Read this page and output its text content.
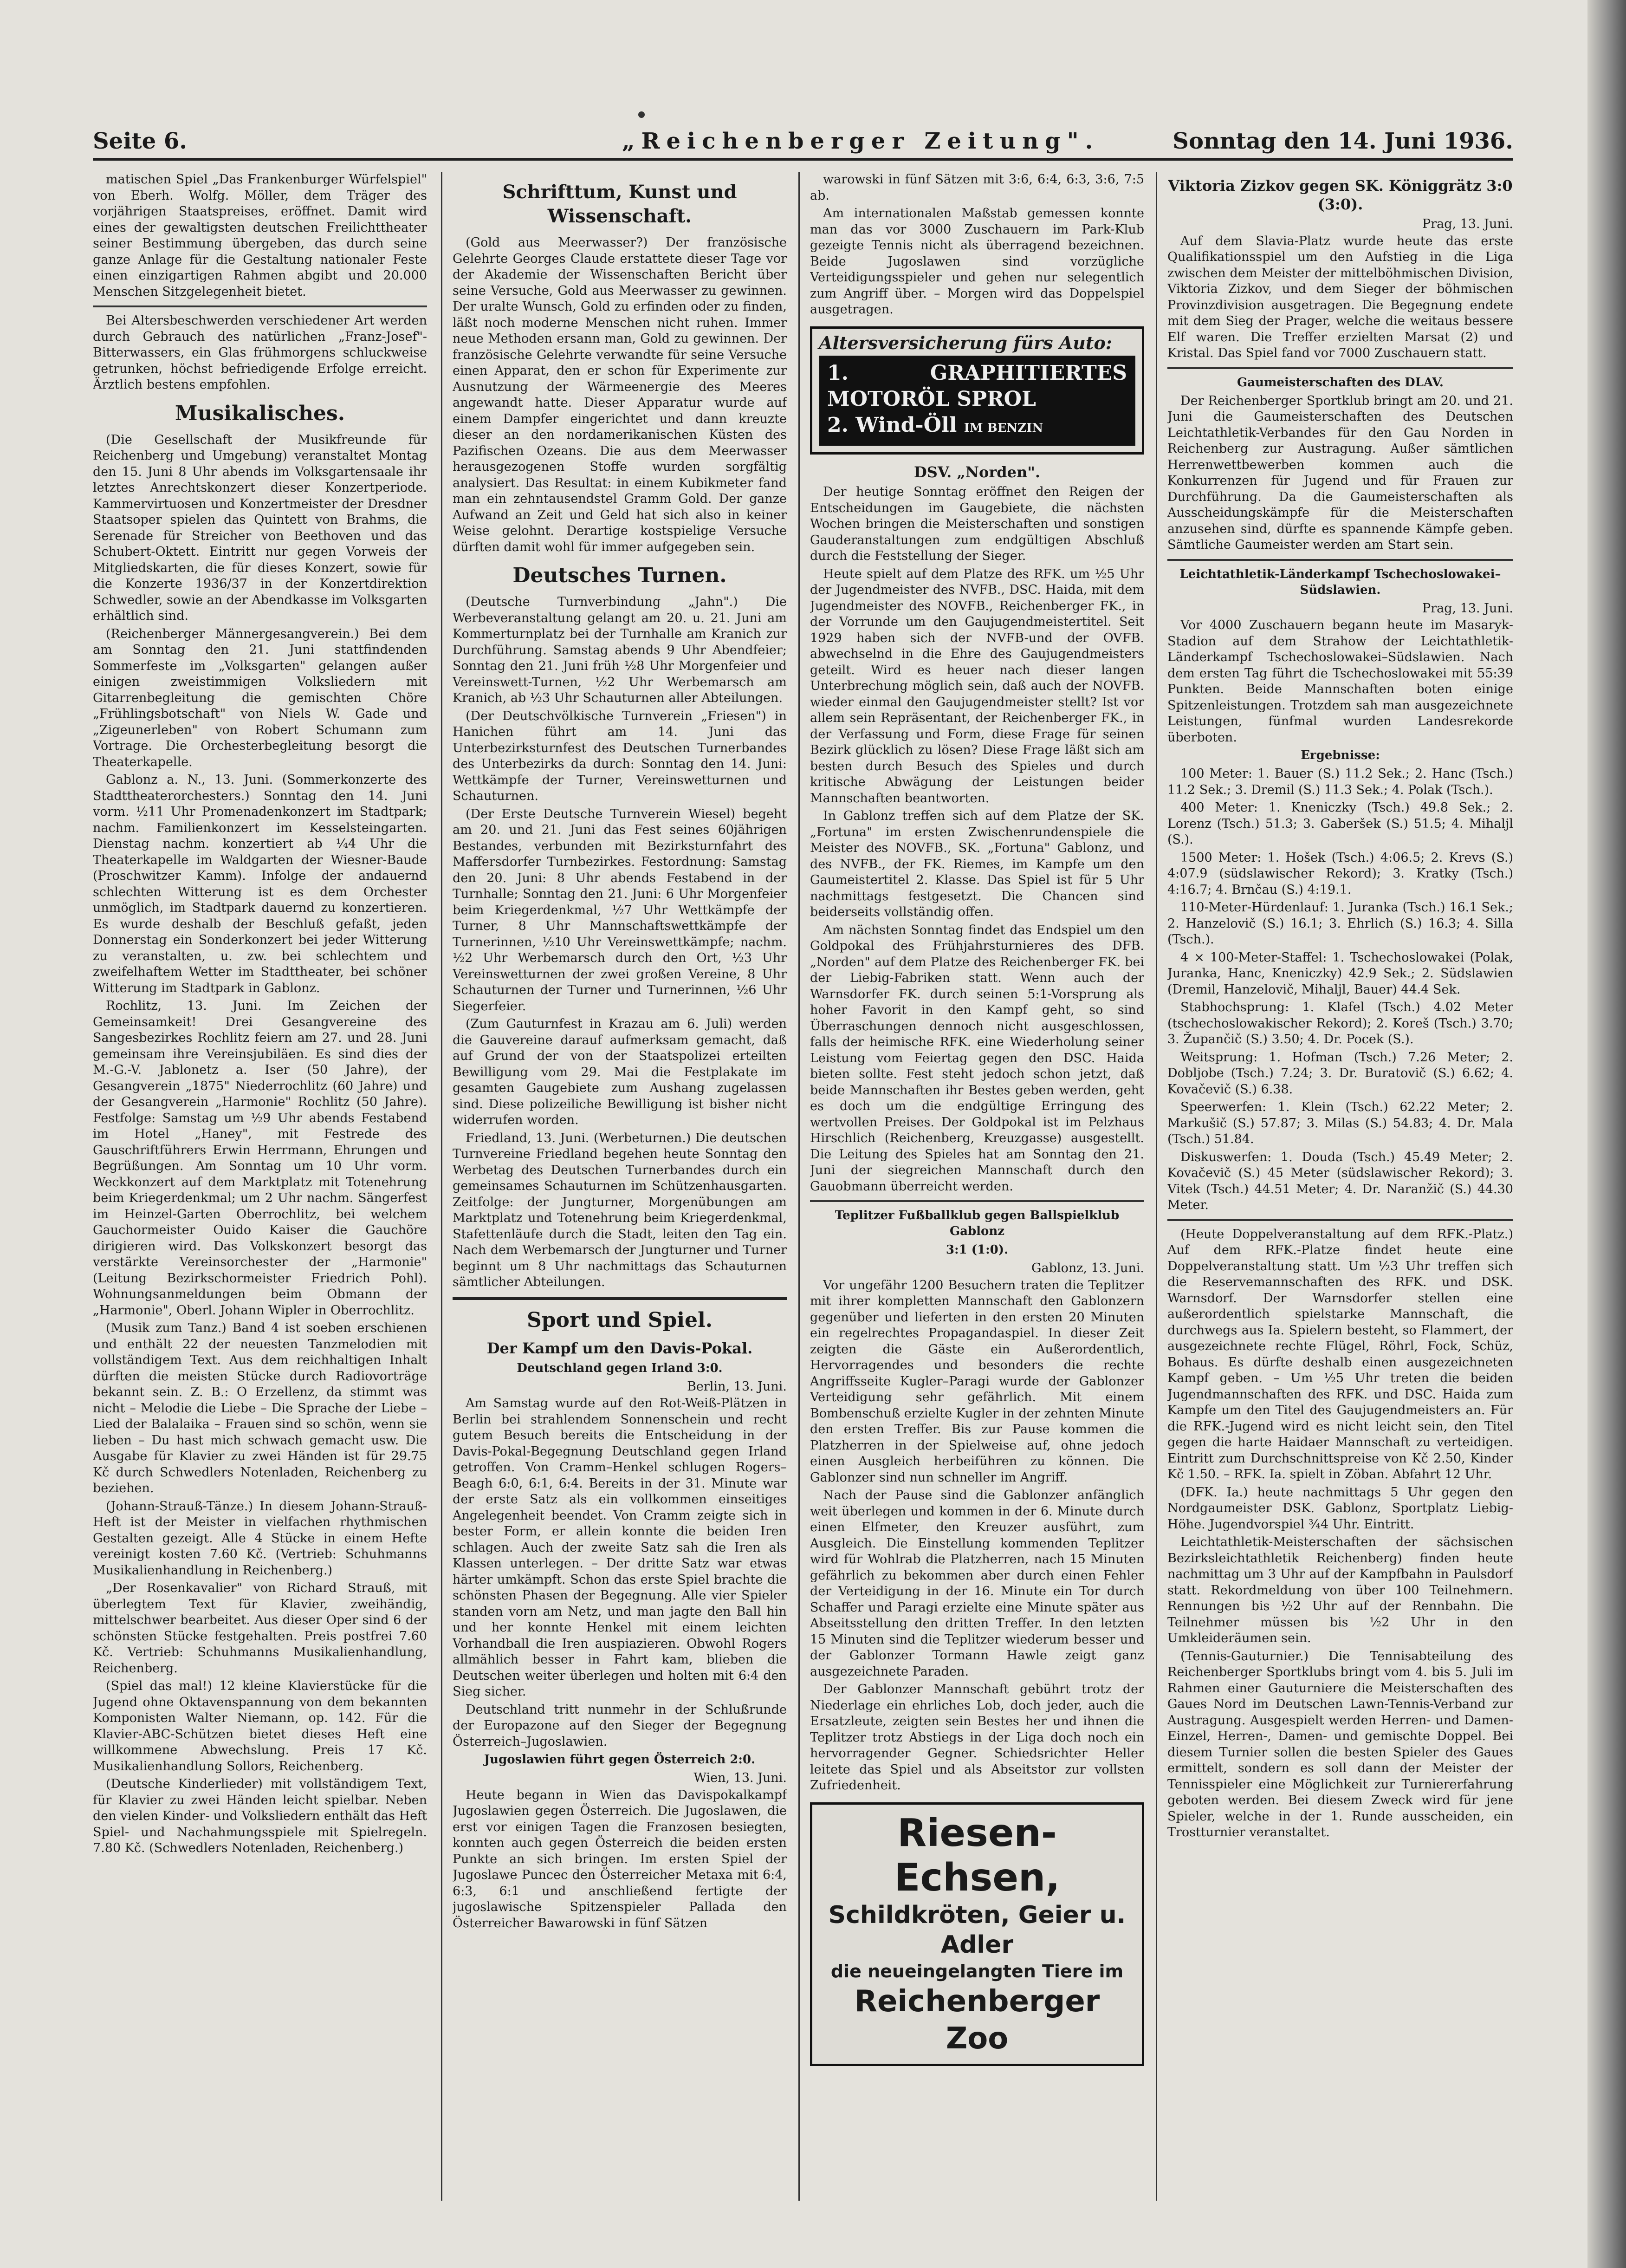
Seite 6.	„Reichenberger Zeitung".	Sonntag den 14. Juni 1936.

matischen Spiel „Das Frankenburger Würfelspiel" von Eberh. Wolfg. Möller, dem Träger des vorjährigen Staatspreises, eröffnet. Damit wird eines der gewaltigsten deutschen Freilichttheater seiner Bestimmung übergeben, das durch seine ganze Anlage für die Gestaltung nationaler Feste einen einzigartigen Rahmen abgibt und 20.000 Menschen Sitzgelegenheit bietet.

Bei Altersbeschwerden verschiedener Art werden durch Gebrauch des natürlichen „Franz-Josef"-Bitterwassers, ein Glas frühmorgens schluckweise getrunken, höchst befriedigende Erfolge erreicht. Ärztlich bestens empfohlen.

Musikalisches.

(Die Gesellschaft der Musikfreunde für Reichenberg und Umgebung) veranstaltet Montag den 15. Juni 8 Uhr abends im Volksgartensaale ihr letztes Anrechtskonzert dieser Konzertperiode. Kammervirtuosen und Konzertmeister der Dresdner Staatsoper spielen das Quintett von Brahms, die Serenade für Streicher von Beethoven und das Schubert-Oktett. Eintritt nur gegen Vorweis der Mitgliedskarten, die für dieses Konzert, sowie für die Konzerte 1936/37 in der Konzertdirektion Schwedler, sowie an der Abendkasse im Volksgarten erhältlich sind.

(Reichenberger Männergesangverein.) Bei dem am Sonntag den 21. Juni stattfindenden Sommerfeste im „Volksgarten" gelangen außer einigen zweistimmigen Volksliedern mit Gitarrenbegleitung die gemischten Chöre „Frühlingsbotschaft" von Niels W. Gade und „Zigeunerleben" von Robert Schumann zum Vortrage. Die Orchesterbegleitung besorgt die Theaterkapelle.

Gablonz a. N., 13. Juni. (Sommerkonzerte des Stadttheaterorchesters.) Sonntag den 14. Juni vorm. ½11 Uhr Promenadenkonzert im Stadtpark; nachm. Familienkonzert im Kesselsteingarten. Dienstag nachm. konzertiert ab ¼4 Uhr die Theaterkapelle im Waldgarten der Wiesner-Baude (Proschwitzer Kamm). Infolge der andauernd schlechten Witterung ist es dem Orchester unmöglich, im Stadtpark dauernd zu konzertieren. Es wurde deshalb der Beschluß gefaßt, jeden Donnerstag ein Sonderkonzert bei jeder Witterung zu veranstalten, u. zw. bei schlechtem und zweifelhaftem Wetter im Stadttheater, bei schöner Witterung im Stadtpark in Gablonz.

Rochlitz, 13. Juni. Im Zeichen der Gemeinsamkeit! Drei Gesangvereine des Sangesbezirkes Rochlitz feiern am 27. und 28. Juni gemeinsam ihre Vereinsjubiläen. Es sind dies der M.-G.-V. Jablonetz a. Iser (50 Jahre), der Gesangverein „1875" Niederrochlitz (60 Jahre) und der Gesangverein „Harmonie" Rochlitz (50 Jahre). Festfolge: Samstag um ½9 Uhr abends Festabend im Hotel „Haney", mit Festrede des Gauschriftführers Erwin Herrmann, Ehrungen und Begrüßungen. Am Sonntag um 10 Uhr vorm. Weckkonzert auf dem Marktplatz mit Totenehrung beim Kriegerdenkmal; um 2 Uhr nachm. Sängerfest im Heinzel-Garten Oberrochlitz, bei welchem Gauchormeister Ouido Kaiser die Gauchöre dirigieren wird. Das Volkskonzert besorgt das verstärkte Vereinsorchester der „Harmonie" (Leitung Bezirkschormeister Friedrich Pohl). Wohnungsanmeldungen beim Obmann der „Harmonie", Oberl. Johann Wipler in Oberrochlitz.

(Musik zum Tanz.) Band 4 ist soeben erschienen und enthält 22 der neuesten Tanzmelodien mit vollständigem Text. Aus dem reichhaltigen Inhalt dürften die meisten Stücke durch Radiovorträge bekannt sein. Z. B.: O Erzellenz, da stimmt was nicht – Melodie die Liebe – Die Sprache der Liebe – Lied der Balalaika – Frauen sind so schön, wenn sie lieben – Du hast mich schwach gemacht usw. Die Ausgabe für Klavier zu zwei Händen ist für 29.75 Kč durch Schwedlers Notenladen, Reichenberg zu beziehen.

(Johann-Strauß-Tänze.) In diesem Johann-Strauß-Heft ist der Meister in vielfachen rhythmischen Gestalten gezeigt. Alle 4 Stücke in einem Hefte vereinigt kosten 7.60 Kč. (Vertrieb: Schuhmanns Musikalienhandlung in Reichenberg.)

„Der Rosenkavalier" von Richard Strauß, mit überlegtem Text für Klavier, zweihändig, mittelschwer bearbeitet. Aus dieser Oper sind 6 der schönsten Stücke festgehalten. Preis postfrei 7.60 Kč. Vertrieb: Schuhmanns Musikalienhandlung, Reichenberg.

(Spiel das mal!) 12 kleine Klavierstücke für die Jugend ohne Oktavenspannung von dem bekannten Komponisten Walter Niemann, op. 142. Für die Klavier-ABC-Schützen bietet dieses Heft eine willkommene Abwechslung. Preis 17 Kč. Musikalienhandlung Sollors, Reichenberg.

(Deutsche Kinderlieder) mit vollständigem Text, für Klavier zu zwei Händen leicht spielbar. Neben den vielen Kinder- und Volksliedern enthält das Heft Spiel- und Nachahmungsspiele mit Spielregeln. 7.80 Kč. (Schwedlers Notenladen, Reichenberg.)

Schrifttum, Kunst und Wissenschaft.

(Gold aus Meerwasser?) Der französische Gelehrte Georges Claude erstattete dieser Tage vor der Akademie der Wissenschaften Bericht über seine Versuche, Gold aus Meerwasser zu gewinnen. Der uralte Wunsch, Gold zu erfinden oder zu finden, läßt noch moderne Menschen nicht ruhen. Immer neue Methoden ersann man, Gold zu gewinnen. Der französische Gelehrte verwandte für seine Versuche einen Apparat, den er schon für Experimente zur Ausnutzung der Wärmeenergie des Meeres angewandt hatte. Dieser Apparatur wurde auf einem Dampfer eingerichtet und dann kreuzte dieser an den nordamerikanischen Küsten des Pazifischen Ozeans. Die aus dem Meerwasser herausgezogenen Stoffe wurden sorgfältig analysiert. Das Resultat: in einem Kubikmeter fand man ein zehntausendstel Gramm Gold. Der ganze Aufwand an Zeit und Geld hat sich also in keiner Weise gelohnt. Derartige kostspielige Versuche dürften damit wohl für immer aufgegeben sein.

Deutsches Turnen.

(Deutsche Turnverbindung „Jahn".) Die Werbeveranstaltung gelangt am 20. u. 21. Juni am Kommerturnplatz bei der Turnhalle am Kranich zur Durchführung. Samstag abends 9 Uhr Abendfeier; Sonntag den 21. Juni früh ½8 Uhr Morgenfeier und Vereinswett-Turnen, ½2 Uhr Werbemarsch am Kranich, ab ½3 Uhr Schauturnen aller Abteilungen.

(Der Deutschvölkische Turnverein „Friesen") in Hanichen führt am 14. Juni das Unterbezirksturnfest des Deutschen Turnerbandes des Unterbezirks da durch: Sonntag den 14. Juni: Wettkämpfe der Turner, Vereinswetturnen und Schauturnen.

(Der Erste Deutsche Turnverein Wiesel) begeht am 20. und 21. Juni das Fest seines 60jährigen Bestandes, verbunden mit Bezirksturnfahrt des Maffersdorfer Turnbezirkes. Festordnung: Samstag den 20. Juni: 8 Uhr abends Festabend in der Turnhalle; Sonntag den 21. Juni: 6 Uhr Morgenfeier beim Kriegerdenkmal, ½7 Uhr Wettkämpfe der Turner, 8 Uhr Mannschaftswettkämpfe der Turnerinnen, ½10 Uhr Vereinswettkämpfe; nachm. ½2 Uhr Werbemarsch durch den Ort, ½3 Uhr Vereinswetturnen der zwei großen Vereine, 8 Uhr Schauturnen der Turner und Turnerinnen, ½6 Uhr Siegerfeier.

(Zum Gauturnfest in Krazau am 6. Juli) werden die Gauvereine darauf aufmerksam gemacht, daß auf Grund der von der Staatspolizei erteilten Bewilligung vom 29. Mai die Festplakate im gesamten Gaugebiete zum Aushang zugelassen sind. Diese polizeiliche Bewilligung ist bisher nicht widerrufen worden.

Friedland, 13. Juni. (Werbeturnen.) Die deutschen Turnvereine Friedland begehen heute Sonntag den Werbetag des Deutschen Turnerbandes durch ein gemeinsames Schauturnen im Schützenhausgarten. Zeitfolge: der Jungturner, Morgenübungen am Marktplatz und Totenehrung beim Kriegerdenkmal, Stafettenläufe durch die Stadt, leiten den Tag ein. Nach dem Werbemarsch der Jungturner und Turner beginnt um 8 Uhr nachmittags das Schauturnen sämtlicher Abteilungen.

Sport und Spiel.
Der Kampf um den Davis-Pokal.
Deutschland gegen Irland 3:0.
Berlin, 13. Juni.

Am Samstag wurde auf den Rot-Weiß-Plätzen in Berlin bei strahlendem Sonnenschein und recht gutem Besuch bereits die Entscheidung in der Davis-Pokal-Begegnung Deutschland gegen Irland getroffen. Von Cramm–Henkel schlugen Rogers–Beagh 6:0, 6:1, 6:4. Bereits in der 31. Minute war der erste Satz als ein vollkommen einseitiges Angelegenheit beendet. Von Cramm zeigte sich in bester Form, er allein konnte die beiden Iren schlagen. Auch der zweite Satz sah die Iren als Klassen unterlegen. – Der dritte Satz war etwas härter umkämpft. Schon das erste Spiel brachte die schönsten Phasen der Begegnung. Alle vier Spieler standen vorn am Netz, und man jagte den Ball hin und her konnte Henkel mit einem leichten Vorhandball die Iren auspiazieren. Obwohl Rogers allmählich besser in Fahrt kam, blieben die Deutschen weiter überlegen und holten mit 6:4 den Sieg sicher.

Deutschland tritt nunmehr in der Schlußrunde der Europazone auf den Sieger der Begegnung Österreich–Jugoslawien.

Jugoslawien führt gegen Österreich 2:0.
Wien, 13. Juni.

Heute begann in Wien das Davispokalkampf Jugoslawien gegen Österreich. Die Jugoslawen, die erst vor einigen Tagen die Franzosen besiegten, konnten auch gegen Österreich die beiden ersten Punkte an sich bringen. Im ersten Spiel der Jugoslawe Puncec den Österreicher Metaxa mit 6:4, 6:3, 6:1 und anschließend fertigte der jugoslawische Spitzenspieler Pallada den Österreicher Bawarowski in fünf Sätzen

warowski in fünf Sätzen mit 3:6, 6:4, 6:3, 3:6, 7:5 ab.

Am internationalen Maßstab gemessen konnte man das vor 3000 Zuschauern im Park-Klub gezeigte Tennis nicht als überragend bezeichnen. Beide Jugoslawen sind vorzügliche Verteidigungsspieler und gehen nur selegentlich zum Angriff über. – Morgen wird das Doppelspiel ausgetragen.

Altersversicherung fürs Auto:
1. GRAPHITIERTES MOTORÖL SPROL
2. Wind-Öll IM BENZIN
DSV. „Norden".

Der heutige Sonntag eröffnet den Reigen der Entscheidungen im Gaugebiete, die nächsten Wochen bringen die Meisterschaften und sonstigen Gauderanstaltungen zum endgültigen Abschluß durch die Feststellung der Sieger.

Heute spielt auf dem Platze des RFK. um ½5 Uhr der Jugendmeister des NVFB., DSC. Haida, mit dem Jugendmeister des NOVFB., Reichenberger FK., in der Vorrunde um den Gaujugendmeistertitel. Seit 1929 haben sich der NVFB-und der OVFB. abwechselnd in die Ehre des Gaujugendmeisters geteilt. Wird es heuer nach dieser langen Unterbrechung möglich sein, daß auch der NOVFB. wieder einmal den Gaujugendmeister stellt? Ist vor allem sein Repräsentant, der Reichenberger FK., in der Verfassung und Form, diese Frage für seinen Bezirk glücklich zu lösen? Diese Frage läßt sich am besten durch Besuch des Spieles und durch kritische Abwägung der Leistungen beider Mannschaften beantworten.

In Gablonz treffen sich auf dem Platze der SK. „Fortuna" im ersten Zwischenrundenspiele die Meister des NOVFB., SK. „Fortuna" Gablonz, und des NVFB., der FK. Riemes, im Kampfe um den Gaumeistertitel 2. Klasse. Das Spiel ist für 5 Uhr nachmittags festgesetzt. Die Chancen sind beiderseits vollständig offen.

Am nächsten Sonntag findet das Endspiel um den Goldpokal des Frühjahrsturnieres des DFB. „Norden" auf dem Platze des Reichenberger FK. bei der Liebig-Fabriken statt. Wenn auch der Warnsdorfer FK. durch seinen 5:1-Vorsprung als hoher Favorit in den Kampf geht, so sind Überraschungen dennoch nicht ausgeschlossen, falls der heimische RFK. eine Wiederholung seiner Leistung vom Feiertag gegen den DSC. Haida bieten sollte. Fest steht jedoch schon jetzt, daß beide Mannschaften ihr Bestes geben werden, geht es doch um die endgültige Erringung des wertvollen Preises. Der Goldpokal ist im Pelzhaus Hirschlich (Reichenberg, Kreuzgasse) ausgestellt. Die Leitung des Spieles hat am Sonntag den 21. Juni der siegreichen Mannschaft durch den Gauobmann überreicht werden.

Teplitzer Fußballklub gegen Ballspielklub Gablonz
3:1 (1:0).
Gablonz, 13. Juni.

Vor ungefähr 1200 Besuchern traten die Teplitzer mit ihrer kompletten Mannschaft den Gablonzern gegenüber und lieferten in den ersten 20 Minuten ein regelrechtes Propagandaspiel. In dieser Zeit zeigten die Gäste ein Außerordentlich, Hervorragendes und besonders die rechte Angriffsseite Kugler–Paragi wurde der Gablonzer Verteidigung sehr gefährlich. Mit einem Bombenschuß erzielte Kugler in der zehnten Minute den ersten Treffer. Bis zur Pause kommen die Platzherren in der Spielweise auf, ohne jedoch einen Ausgleich herbeiführen zu können. Die Gablonzer sind nun schneller im Angriff.

Nach der Pause sind die Gablonzer anfänglich weit überlegen und kommen in der 6. Minute durch einen Elfmeter, den Kreuzer ausführt, zum Ausgleich. Die Einstellung kommenden Teplitzer wird für Wohlrab die Platzherren, nach 15 Minuten gefährlich zu bekommen aber durch einen Fehler der Verteidigung in der 16. Minute ein Tor durch Schaffer und Paragi erzielte eine Minute später aus Abseitsstellung den dritten Treffer. In den letzten 15 Minuten sind die Teplitzer wiederum besser und der Gablonzer Tormann Hawle zeigt ganz ausgezeichnete Paraden.

Der Gablonzer Mannschaft gebührt trotz der Niederlage ein ehrliches Lob, doch jeder, auch die Ersatzleute, zeigten sein Bestes her und ihnen die Teplitzer trotz Abstiegs in der Liga doch noch ein hervorragender Gegner. Schiedsrichter Heller leitete das Spiel und als Abseitstor zur vollsten Zufriedenheit.

Riesen-Echsen,
Schildkröten, Geier u. Adler
die neueingelangten Tiere im
Reichenberger Zoo
Viktoria Zizkov gegen SK. Königgrätz 3:0 (3:0).
Prag, 13. Juni.

Auf dem Slavia-Platz wurde heute das erste Qualifikationsspiel um den Aufstieg in die Liga zwischen dem Meister der mittelböhmischen Division, Viktoria Zizkov, und dem Sieger der böhmischen Provinzdivision ausgetragen. Die Begegnung endete mit dem Sieg der Prager, welche die weitaus bessere Elf waren. Die Treffer erzielten Marsat (2) und Kristal. Das Spiel fand vor 7000 Zuschauern statt.

Gaumeisterschaften des DLAV.

Der Reichenberger Sportklub bringt am 20. und 21. Juni die Gaumeisterschaften des Deutschen Leichtathletik-Verbandes für den Gau Norden in Reichenberg zur Austragung. Außer sämtlichen Herrenwettbewerben kommen auch die Konkurrenzen für Jugend und für Frauen zur Durchführung. Da die Gaumeisterschaften als Ausscheidungskämpfe für die Meisterschaften anzusehen sind, dürfte es spannende Kämpfe geben. Sämtliche Gaumeister werden am Start sein.

Leichtathletik-Länderkampf Tschechoslowakei–Südslawien.
Prag, 13. Juni.

Vor 4000 Zuschauern begann heute im Masaryk-Stadion auf dem Strahow der Leichtathletik-Länderkampf Tschechoslowakei–Südslawien. Nach dem ersten Tag führt die Tschechoslowakei mit 55:39 Punkten. Beide Mannschaften boten einige Spitzenleistungen. Trotzdem sah man ausgezeichnete Leistungen, fünfmal wurden Landesrekorde überboten.

Ergebnisse:

100 Meter: 1. Bauer (S.) 11.2 Sek.; 2. Hanc (Tsch.) 11.2 Sek.; 3. Dremil (S.) 11.3 Sek.; 4. Polak (Tsch.).

400 Meter: 1. Kneniczky (Tsch.) 49.8 Sek.; 2. Lorenz (Tsch.) 51.3; 3. Gaberšek (S.) 51.5; 4. Mihaljl (S.).

1500 Meter: 1. Hošek (Tsch.) 4:06.5; 2. Krevs (S.) 4:07.9 (südslawischer Rekord); 3. Kratky (Tsch.) 4:16.7; 4. Brnčau (S.) 4:19.1.

110-Meter-Hürdenlauf: 1. Juranka (Tsch.) 16.1 Sek.; 2. Hanzelovič (S.) 16.1; 3. Ehrlich (S.) 16.3; 4. Silla (Tsch.).

4 × 100-Meter-Staffel: 1. Tschechoslowakei (Polak, Juranka, Hanc, Kneniczky) 42.9 Sek.; 2. Südslawien (Dremil, Hanzelovič, Mihaljl, Bauer) 44.4 Sek.

Stabhochsprung: 1. Klafel (Tsch.) 4.02 Meter (tschechoslowakischer Rekord); 2. Koreš (Tsch.) 3.70; 3. Župančič (S.) 3.50; 4. Dr. Pocek (S.).

Weitsprung: 1. Hofman (Tsch.) 7.26 Meter; 2. Dobljobe (Tsch.) 7.24; 3. Dr. Buratovič (S.) 6.62; 4. Kovačevič (S.) 6.38.

Speerwerfen: 1. Klein (Tsch.) 62.22 Meter; 2. Markušič (S.) 57.87; 3. Milas (S.) 54.83; 4. Dr. Mala (Tsch.) 51.84.

Diskuswerfen: 1. Douda (Tsch.) 45.49 Meter; 2. Kovačevič (S.) 45 Meter (südslawischer Rekord); 3. Vitek (Tsch.) 44.51 Meter; 4. Dr. Naranžič (S.) 44.30 Meter.

(Heute Doppelveranstaltung auf dem RFK.-Platz.) Auf dem RFK.-Platze findet heute eine Doppelveranstaltung statt. Um ½3 Uhr treffen sich die Reservemannschaften des RFK. und DSK. Warnsdorf. Der Warnsdorfer stellen eine außerordentlich spielstarke Mannschaft, die durchwegs aus Ia. Spielern besteht, so Flammert, der ausgezeichnete rechte Flügel, Röhrl, Fock, Schüz, Bohaus. Es dürfte deshalb einen ausgezeichneten Kampf geben. – Um ½5 Uhr treten die beiden Jugendmannschaften des RFK. und DSC. Haida zum Kampfe um den Titel des Gaujugendmeisters an. Für die RFK.-Jugend wird es nicht leicht sein, den Titel gegen die harte Haidaer Mannschaft zu verteidigen. Eintritt zum Durchschnittspreise von Kč 2.50, Kinder Kč 1.50. – RFK. Ia. spielt in Zöban. Abfahrt 12 Uhr.

(DFK. Ia.) heute nachmittags 5 Uhr gegen den Nordgaumeister DSK. Gablonz, Sportplatz Liebig-Höhe. Jugendvorspiel ¾4 Uhr. Eintritt.

Leichtathletik-Meisterschaften der sächsischen Bezirksleichtathletik Reichenberg) finden heute nachmittag um 3 Uhr auf der Kampfbahn in Paulsdorf statt. Rekordmeldung von über 100 Teilnehmern. Rennungen bis ½2 Uhr auf der Rennbahn. Die Teilnehmer müssen bis ½2 Uhr in den Umkleideräumen sein.

(Tennis-Gauturnier.) Die Tennisabteilung des Reichenberger Sportklubs bringt vom 4. bis 5. Juli im Rahmen einer Gauturniere die Meisterschaften des Gaues Nord im Deutschen Lawn-Tennis-Verband zur Austragung. Ausgespielt werden Herren- und Damen-Einzel, Herren-, Damen- und gemischte Doppel. Bei diesem Turnier sollen die besten Spieler des Gaues ermittelt, sondern es soll dann der Meister der Tennisspieler eine Möglichkeit zur Turniererfahrung geboten werden. Bei diesem Zweck wird für jene Spieler, welche in der 1. Runde ausscheiden, ein Trostturnier veranstaltet.
